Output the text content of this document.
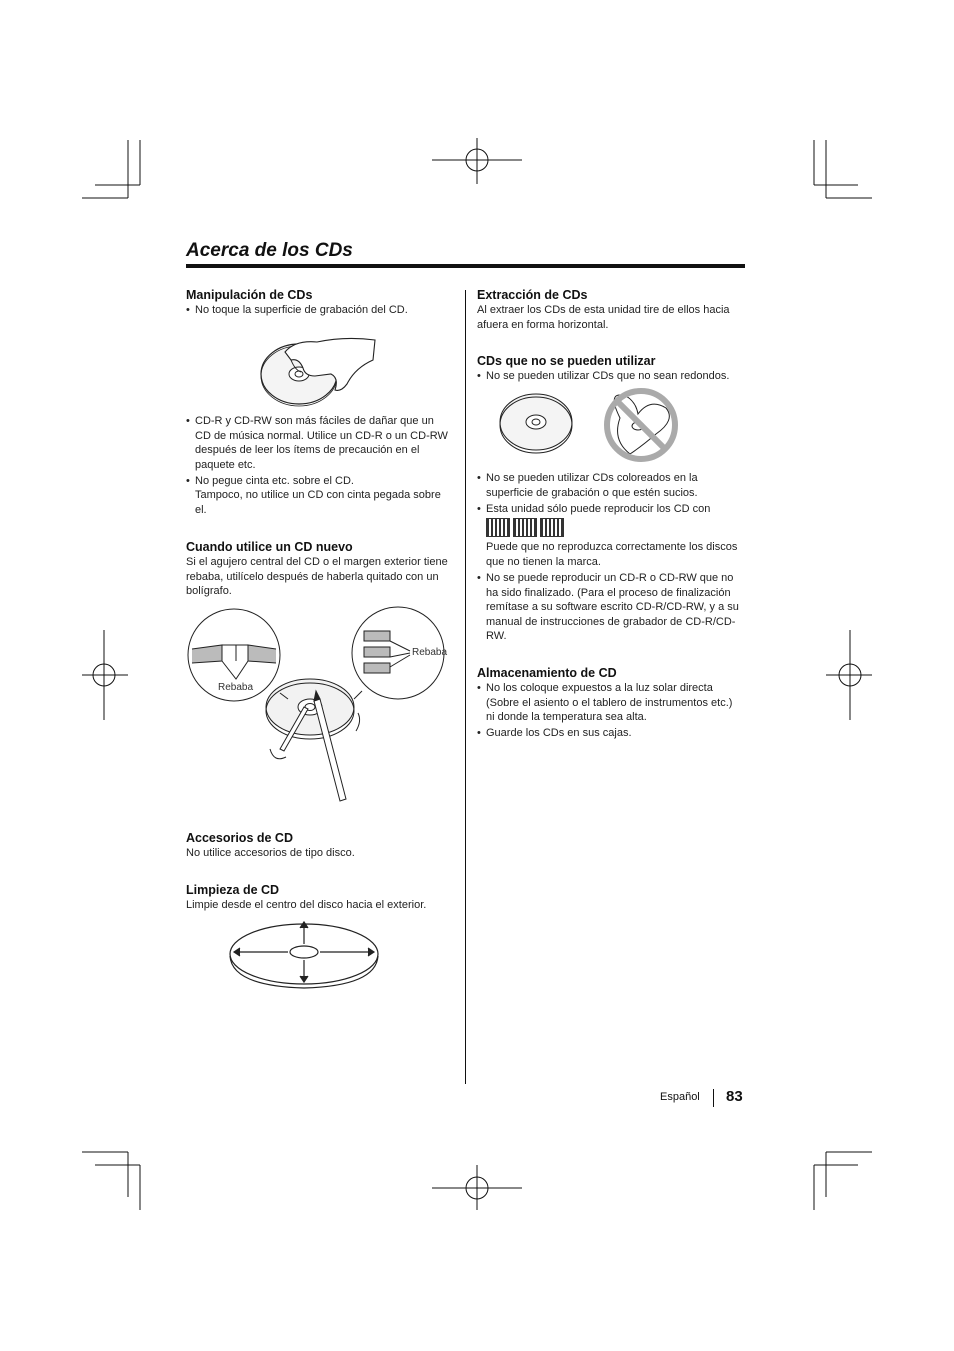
Acerca de los CDs
Manipulación de CDs
• No toque la superficie de grabación del CD.
• CD-R y CD-RW son más fáciles de dañar que un CD de música normal. Utilice un CD-R o un CD-RW después de leer los ítems de precaución en el paquete etc.
• No pegue cinta etc. sobre el CD.
Tampoco, no utilice un CD con cinta pegada sobre el.
Cuando utilice un CD nuevo

Si el agujero central del CD o el margen exterior tiene rebaba, utilícelo después de haberla quitado con un bolígrafo.

Rebaba
Rebaba
Accesorios de CD

No utilice accesorios de tipo disco.

Limpieza de CD

Limpie desde el centro del disco hacia el exterior.

Extracción de CDs

Al extraer los CDs de esta unidad tire de ellos hacia afuera en forma horizontal.

CDs que no se pueden utilizar
• No se pueden utilizar CDs que no sean redondos.
• No se pueden utilizar CDs coloreados en la superficie de grabación o que estén sucios.
• Esta unidad sólo puede reproducir los CD con
Puede que no reproduzca correctamente los discos que no tienen la marca.
• No se puede reproducir un CD-R o CD-RW que no ha sido finalizado. (Para el proceso de finalización remítase a su software escrito CD-R/CD-RW, y a su manual de instrucciones de grabador de CD-R/CD-RW.
Almacenamiento de CD
• No los coloque expuestos a la luz solar directa (Sobre el asiento o el tablero de instrumentos etc.) ni donde la temperatura sea alta.
• Guarde los CDs en sus cajas.
Español 83
